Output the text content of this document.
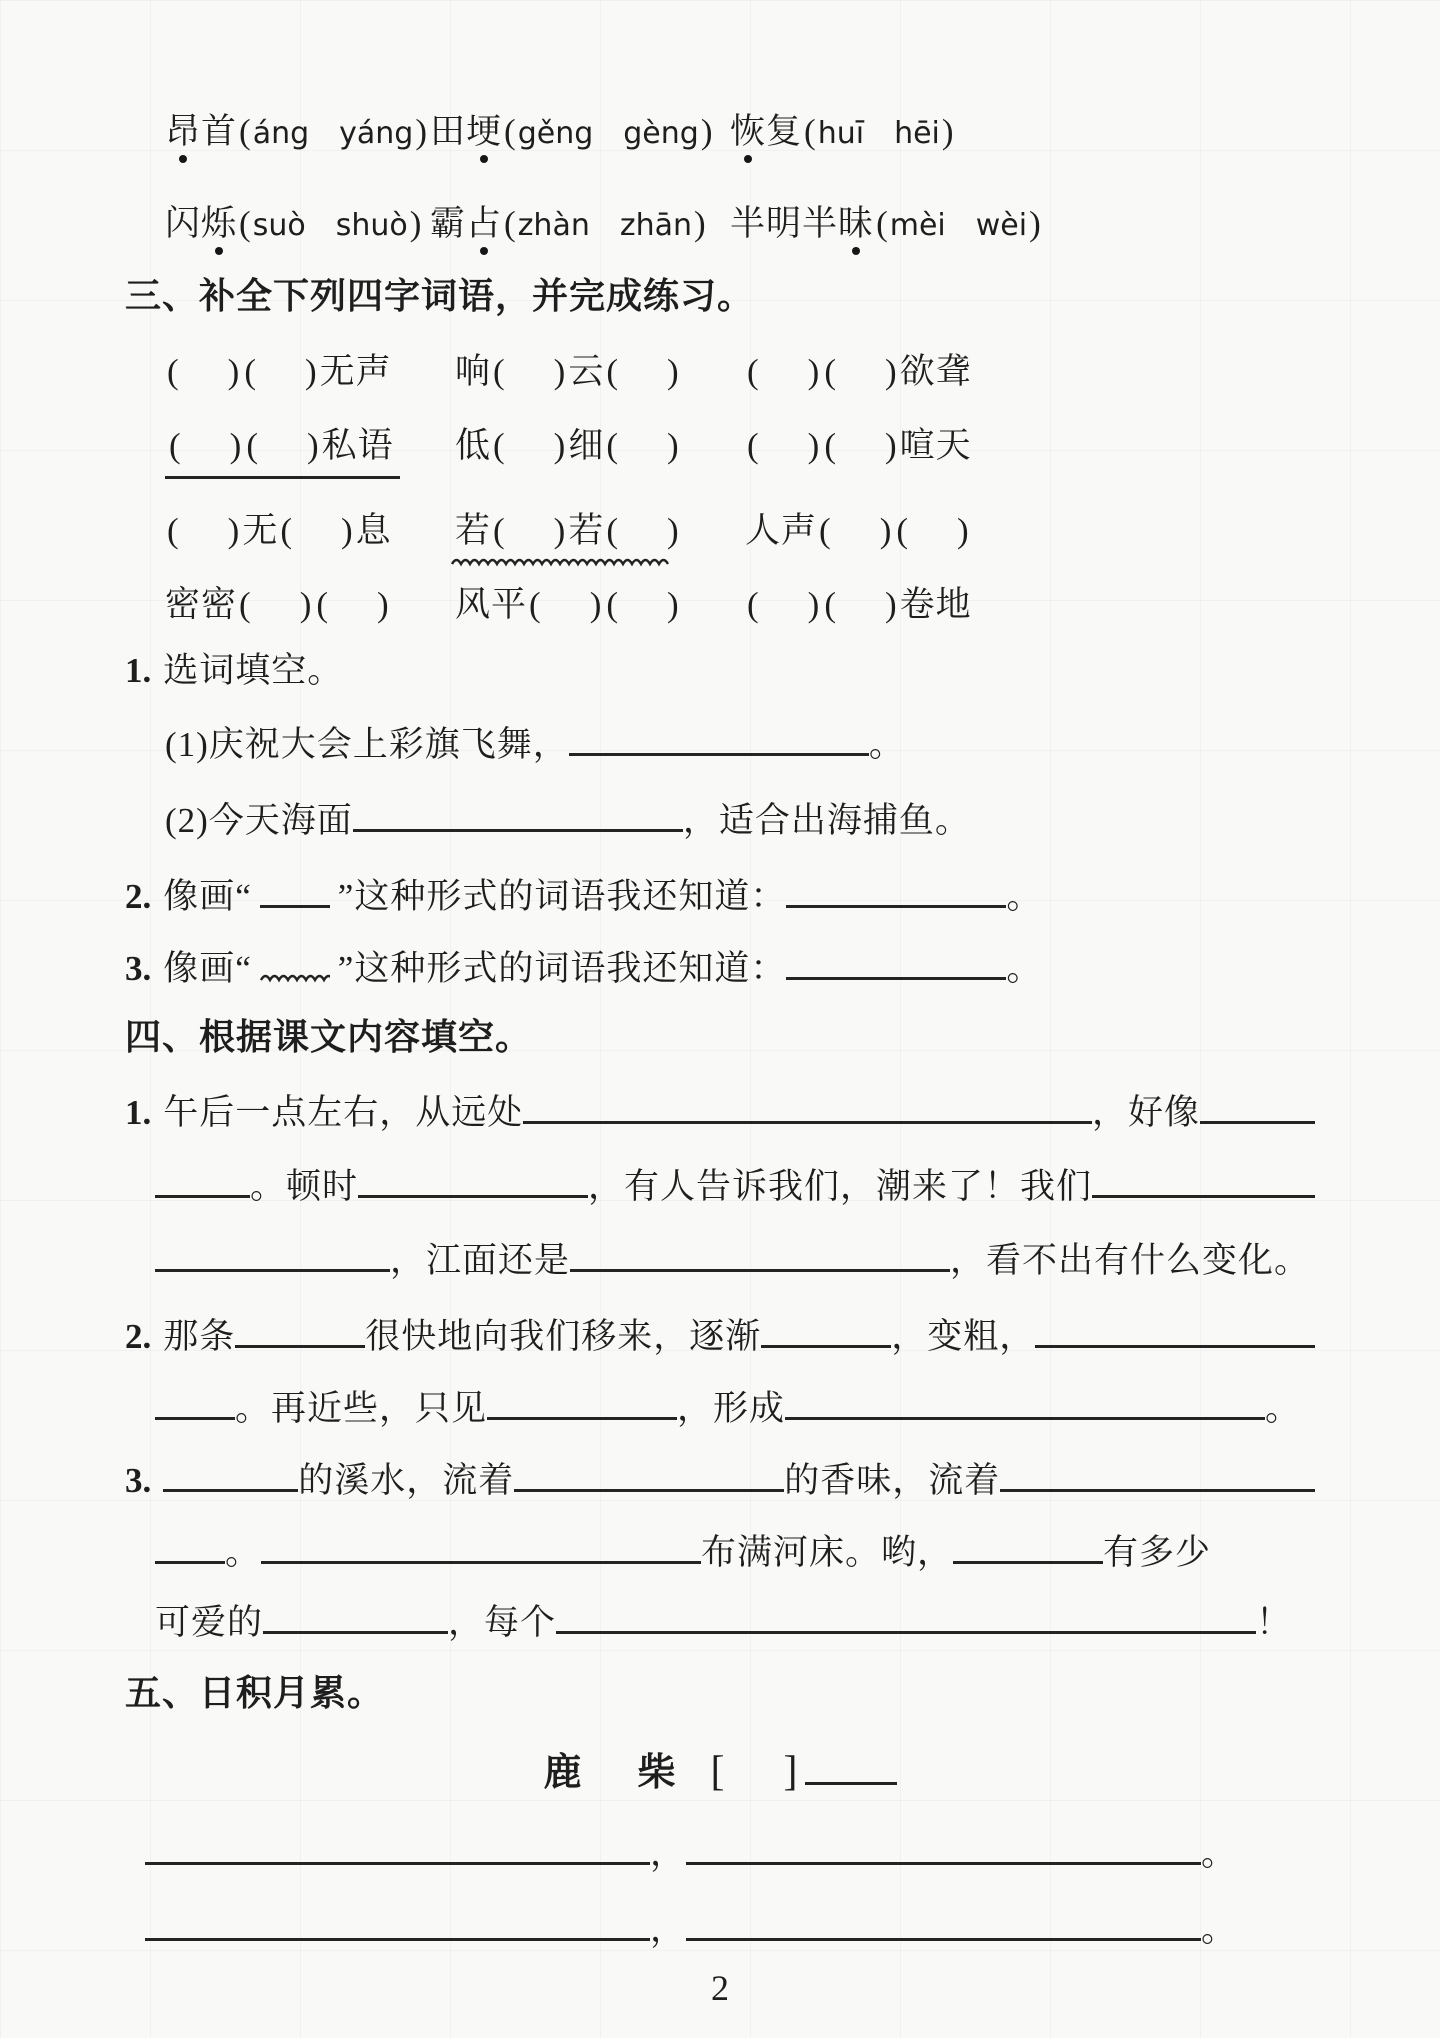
昂首 ( áng yáng ) 田埂 ( gěng gèng ) 恢复 ( huī hēi )
闪烁 ( suò shuò ) 霸占 ( zhàn zhān ) 半明半昧 ( mèi wèi )
三、补全下列四字词语，并完成练习。
( ) ( )无声	响( )云( )	( ) ( )欲聋
( ) ( )私语	低( )细( )	( ) ( )喧天
( )无( )息	若( )若( )	人声( ) ( )
密密( ) ( )	风平( ) ( )	( ) ( )卷地
1. 选词填空。
(1)庆祝大会上彩旗飞舞，	。
(2)今天海面	，适合出海捕鱼。
2. 像画“ ”这种形式的词语我还知道：	。
3. 像画“ ”这种形式的词语我还知道：	。
四、根据课文内容填空。
1. 午后一点左右，从远处	，好像
。顿时	，有人告诉我们，潮来了！我们
，江面还是	，看不出有什么变化。
2. 那条	很快地向我们移来，逐渐	，变粗，
。再近些，只见	，形成	。
3.	的溪水，流着	的香味，流着
。	布满河床。哟，	有多少
可爱的	，每个	！
五、日积月累。
鹿 柴 [ ]
，	。
，	。
2
